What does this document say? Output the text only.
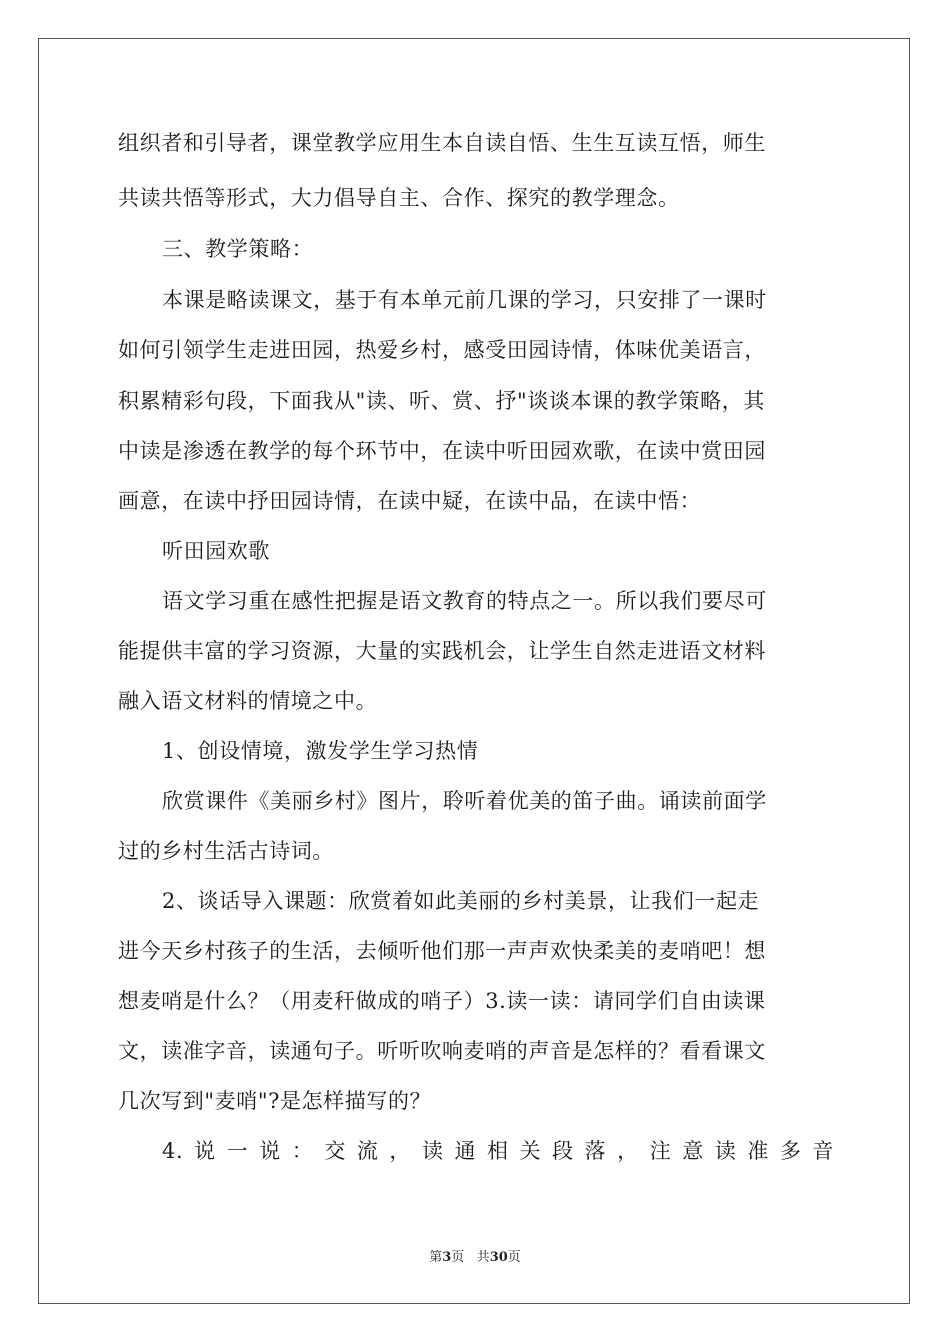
组织者和引导者，课堂教学应用生本自读自悟、生生互读互悟，师生
共读共悟等形式，大力倡导自主、合作、探究的教学理念。
三、教学策略：
本课是略读课文，基于有本单元前几课的学习，只安排了一课时
如何引领学生走进田园，热爱乡村，感受田园诗情，体味优美语言，
积累精彩句段，下面我从"读、听、赏、抒"谈谈本课的教学策略，其
中读是渗透在教学的每个环节中，在读中听田园欢歌，在读中赏田园
画意，在读中抒田园诗情，在读中疑，在读中品，在读中悟：
听田园欢歌
语文学习重在感性把握是语文教育的特点之一。所以我们要尽可
能提供丰富的学习资源，大量的实践机会，让学生自然走进语文材料
融入语文材料的情境之中。
1、创设情境，激发学生学习热情
欣赏课件《美丽乡村》图片，聆听着优美的笛子曲。诵读前面学
过的乡村生活古诗词。
2、谈话导入课题：欣赏着如此美丽的乡村美景，让我们一起走
进今天乡村孩子的生活，去倾听他们那一声声欢快柔美的麦哨吧！想
想麦哨是什么？（用麦秆做成的哨子）3.读一读：请同学们自由读课
文，读准字音，读通句子。听听吹响麦哨的声音是怎样的？看看课文
几次写到"麦哨"?是怎样描写的？
4.说一说：交流，读通相关段落，注意读准多音
第3页 共30页
